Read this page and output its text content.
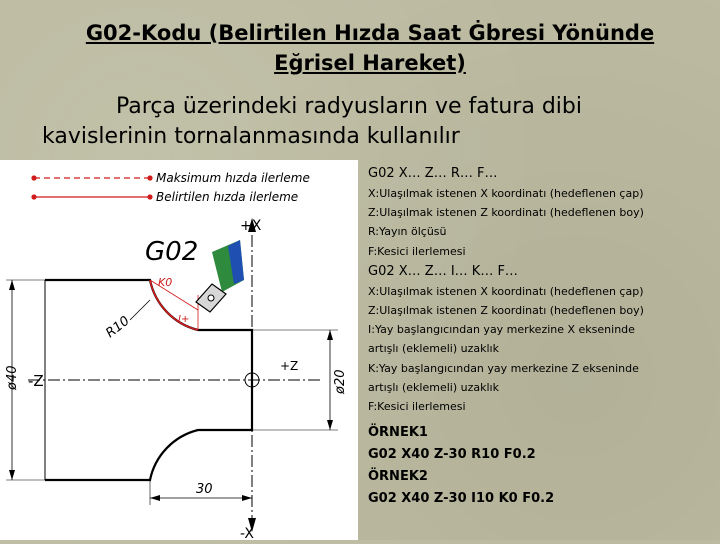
G02-Kodu (Belirtilen Hızda Saat Ġbresi Yönünde
Eğrisel Hareket)
Parça üzerindeki radyusların ve fatura dibi
kavislerinin tornalanmasında kullanılır
Maksimum hızda ilerleme
Belirtilen hızda ilerleme
G02
+X
-X
-Z
+Z
K0
I+
R10
ø40	ø20
30
G02 X… Z… R… F…
X:Ulaşılmak istenen X koordinatı (hedeflenen çap)
Z:Ulaşılmak istenen Z koordinatı (hedeflenen boy)
R:Yayın ölçüsü
F:Kesici ilerlemesi
G02 X… Z… I… K… F…
X:Ulaşılmak istenen X koordinatı (hedeflenen çap)
Z:Ulaşılmak istenen Z koordinatı (hedeflenen boy)
I:Yay başlangıcından yay merkezine X ekseninde
artışlı (eklemeli) uzaklık
K:Yay başlangıcından yay merkezine Z ekseninde
artışlı (eklemeli) uzaklık
F:Kesici ilerlemesi
ÖRNEK1
G02 X40 Z-30 R10 F0.2
ÖRNEK2
G02 X40 Z-30 I10 K0 F0.2
